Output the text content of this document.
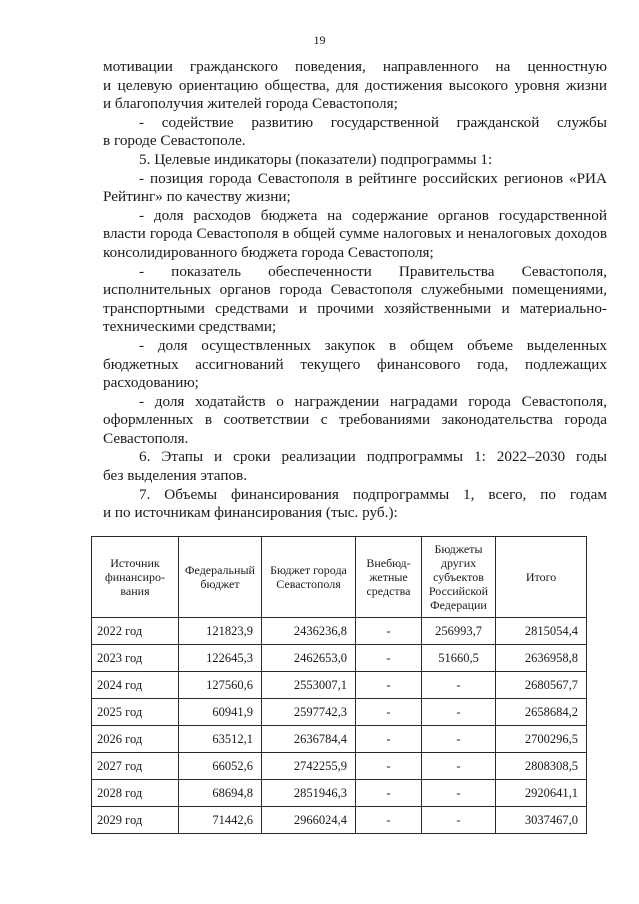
19

мотивации гражданского поведения, направленного на ценностную

и целевую ориентацию общества, для достижения высокого уровня жизни

и благополучия жителей города Севастополя;

- содействие развитию государственной гражданской службы

в городе Севастополе.

5. Целевые индикаторы (показатели) подпрограммы 1:

- позиция города Севастополя в рейтинге российских регионов «РИА

Рейтинг» по качеству жизни;

- доля расходов бюджета на содержание органов государственной

власти города Севастополя в общей сумме налоговых и неналоговых доходов

консолидированного бюджета города Севастополя;

- показатель обеспеченности Правительства Севастополя,

исполнительных органов города Севастополя служебными помещениями,

транспортными средствами и прочими хозяйственными и материально-

техническими средствами;

- доля осуществленных закупок в общем объеме выделенных

бюджетных ассигнований текущего финансового года, подлежащих

расходованию;

- доля ходатайств о награждении наградами города Севастополя,

оформленных в соответствии с требованиями законодательства города

Севастополя.

6. Этапы и сроки реализации подпрограммы 1: 2022–2030 годы

без выделения этапов.

7. Объемы финансирования подпрограммы 1, всего, по годам

и по источникам финансирования (тыс. руб.):

Источник финансиро-вания	Федеральный бюджет	Бюджет города Севастополя	Внебюд-жетные средства	Бюджеты других субъектов Российской Федерации	Итого
2022 год	121823,9	2436236,8	-	256993,7	2815054,4
2023 год	122645,3	2462653,0	-	51660,5	2636958,8
2024 год	127560,6	2553007,1	-	-	2680567,7
2025 год	60941,9	2597742,3	-	-	2658684,2
2026 год	63512,1	2636784,4	-	-	2700296,5
2027 год	66052,6	2742255,9	-	-	2808308,5
2028 год	68694,8	2851946,3	-	-	2920641,1
2029 год	71442,6	2966024,4	-	-	3037467,0
